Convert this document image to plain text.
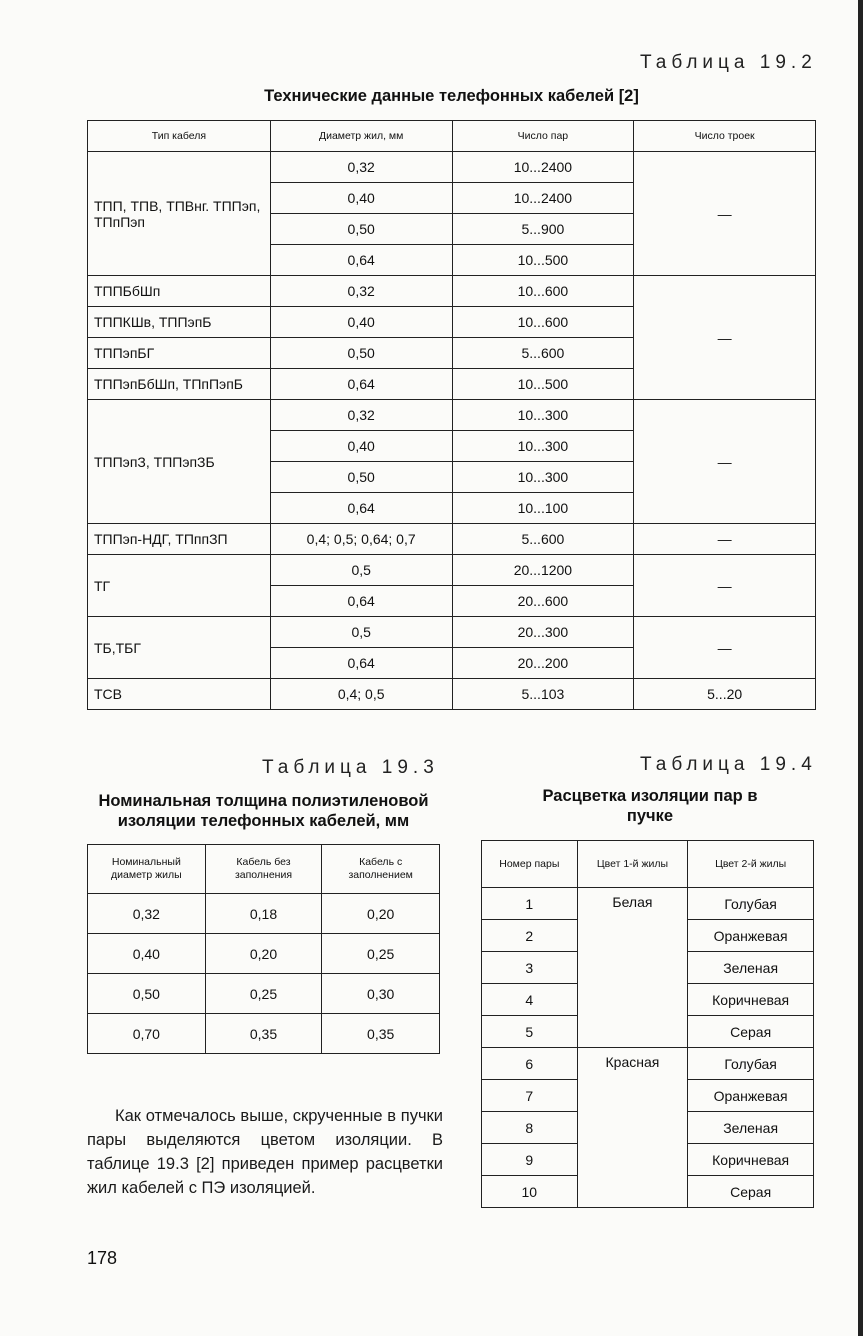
Таблица 19.2
Технические данные телефонных кабелей [2]
Тип кабеля	Диаметр жил, мм	Число пар	Число троек
ТПП, ТПВ, ТПВнг. ТППэп, ТПпПэп	0,32	10...2400	—
	0,40	10...2400	
	0,50	5...900	
	0,64	10...500	
ТППБбШп	0,32	10...600	—
ТППКШв, ТППэпБ	0,40	10...600	
ТППэпБГ	0,50	5...600	
ТППэпБбШп, ТПпПэпБ	0,64	10...500	
ТППэпЗ, ТППэпЗБ	0,32	10...300	—
	0,40	10...300	
	0,50	10...300	
	0,64	10...100	
ТППэп-НДГ, ТПппЗП	0,4; 0,5; 0,64; 0,7	5...600	—
ТГ	0,5	20...1200	—
	0,64	20...600	
ТБ,ТБГ	0,5	20...300	—
	0,64	20...200	
ТСВ	0,4; 0,5	5...103	5...20
Таблица 19.3
Номинальная толщина полиэтиленовой изоляции телефонных кабелей, мм
Номинальный диаметр жилы	Кабель без заполнения	Кабель с заполнением
0,32	0,18	0,20
0,40	0,20	0,25
0,50	0,25	0,30
0,70	0,35	0,35
Таблица 19.4
Расцветка изоляции пар в пучке
Номер пары	Цвет 1-й жилы	Цвет 2-й жилы
1	Белая	Голубая
2		Оранжевая
3		Зеленая
4		Коричневая
5		Серая
6	Красная	Голубая
7		Оранжевая
8		Зеленая
9		Коричневая
10		Серая
Как отмечалось выше, скрученные в пучки пары выделяются цветом изоляции. В таблице 19.3 [2] приведен пример расцветки жил кабелей с ПЭ изоляцией.
178
